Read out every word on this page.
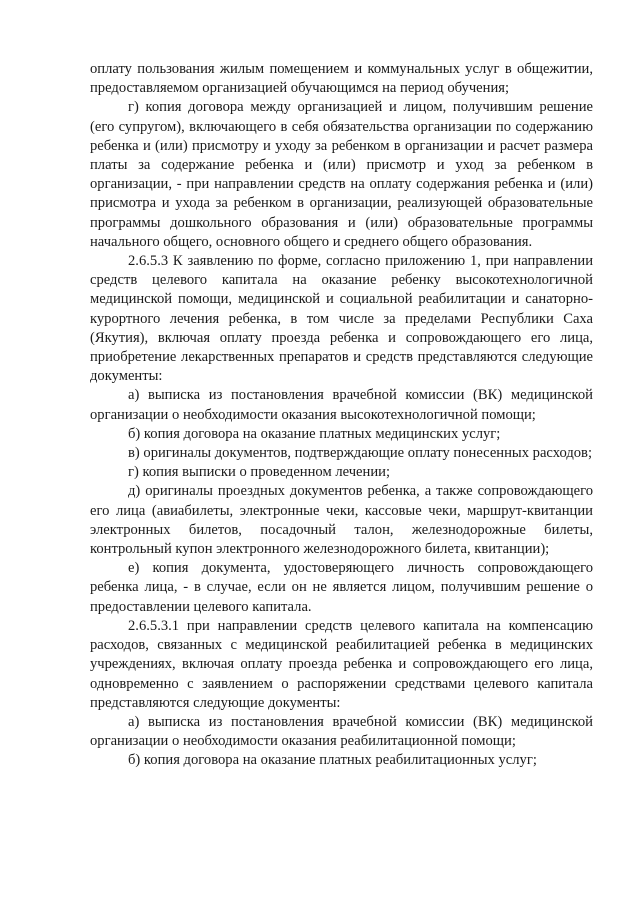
оплату пользования жилым помещением и коммунальных услуг в общежитии, предоставляемом организацией обучающимся на период обучения;

г) копия договора между организацией и лицом, получившим решение (его супругом), включающего в себя обязательства организации по содержанию ребенка и (или) присмотру и уходу за ребенком в организации и расчет размера платы за содержание ребенка и (или) присмотр и уход за ребенком в организации, - при направлении средств на оплату содержания ребенка и (или) присмотра и ухода за ребенком в организации, реализующей образовательные программы дошкольного образования и (или) образовательные программы начального общего, основного общего и среднего общего образования.

2.6.5.3 К заявлению по форме, согласно приложению 1, при направлении средств целевого капитала на оказание ребенку высокотехнологичной медицинской помощи, медицинской и социальной реабилитации и санаторно-курортного лечения ребенка, в том числе за пределами Республики Саха (Якутия), включая оплату проезда ребенка и сопровождающего его лица, приобретение лекарственных препаратов и средств представляются следующие документы:

а) выписка из постановления врачебной комиссии (ВК) медицинской организации о необходимости оказания высокотехнологичной помощи;

б) копия договора на оказание платных медицинских услуг;

в) оригиналы документов, подтверждающие оплату понесенных расходов;

г) копия выписки о проведенном лечении;

д) оригиналы проездных документов ребенка, а также сопровождающего его лица (авиабилеты, электронные чеки, кассовые чеки, маршрут-квитанции электронных билетов, посадочный талон, железнодорожные билеты, контрольный купон электронного железнодорожного билета, квитанции);

е) копия документа, удостоверяющего личность сопровождающего ребенка лица, - в случае, если он не является лицом, получившим решение о предоставлении целевого капитала.

2.6.5.3.1 при направлении средств целевого капитала на компенсацию расходов, связанных с медицинской реабилитацией ребенка в медицинских учреждениях, включая оплату проезда ребенка и сопровождающего его лица, одновременно с заявлением о распоряжении средствами целевого капитала представляются следующие документы:

а) выписка из постановления врачебной комиссии (ВК) медицинской организации о необходимости оказания реабилитационной помощи;

б) копия договора на оказание платных реабилитационных услуг;
